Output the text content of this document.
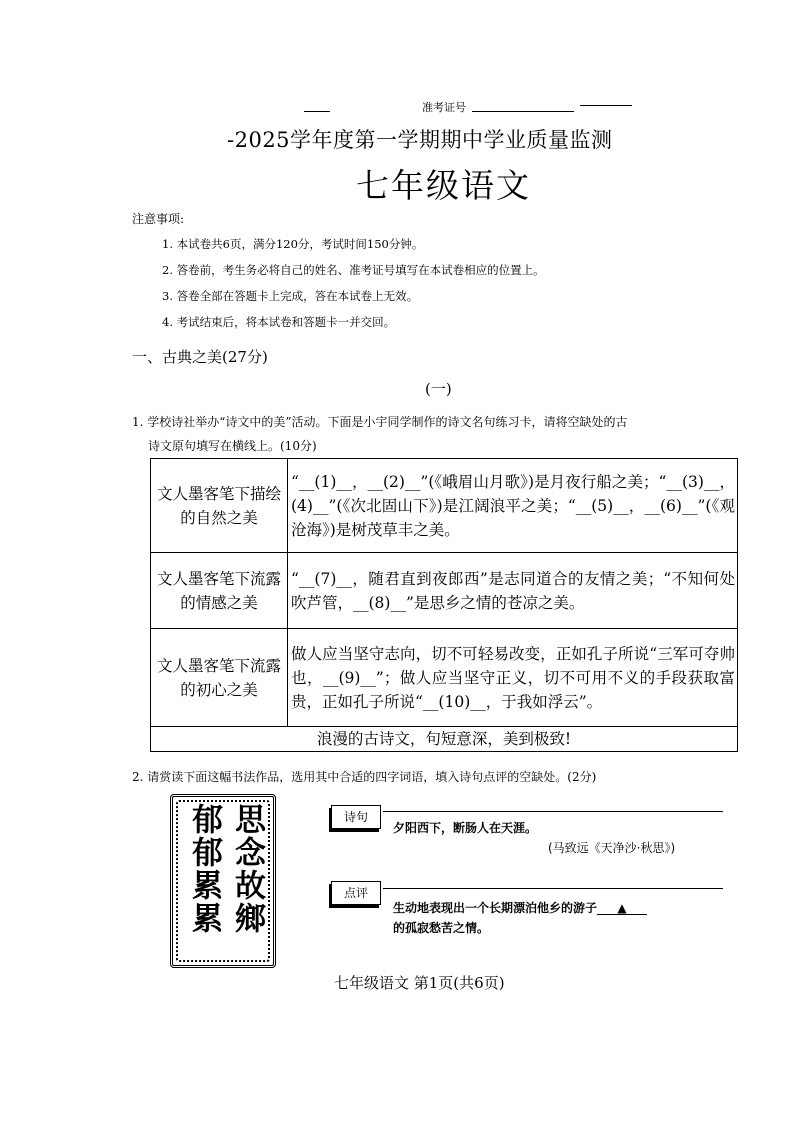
准考证号
-2025学年度第一学期期中学业质量监测
七年级语文
注意事项:
1. 本试卷共6页，满分120分，考试时间150分钟。
2. 答卷前，考生务必将自己的姓名、准考证号填写在本试卷相应的位置上。
3. 答卷全部在答题卡上完成，答在本试卷上无效。
4. 考试结束后，将本试卷和答题卡一并交回。
一、古典之美(27分)
(一)
1. 学校诗社举办“诗文中的美”活动。下面是小宇同学制作的诗文名句练习卡，请将空缺处的古
诗文原句填写在横线上。(10分)
文人墨客笔下描绘的自然之美	“__(1)__，__(2)__”(《峨眉山月歌》)是月夜行船之美；“__(3)__，(4)__”(《次北固山下》)是江阔浪平之美；“__(5)__，__(6)__”(《观沧海》)是树茂草丰之美。
文人墨客笔下流露的情感之美	“__(7)__，随君直到夜郎西”是志同道合的友情之美；“不知何处吹芦管，__(8)__”是思乡之情的苍凉之美。
文人墨客笔下流露的初心之美	做人应当坚守志向，切不可轻易改变，正如孔子所说“三军可夺帅也，__(9)__”；做人应当坚守正义，切不可用不义的手段获取富贵，正如孔子所说“__(10)__，于我如浮云”。
浪漫的古诗文，句短意深，美到极致!	
2. 请赏读下面这幅书法作品，选用其中合适的四字词语，填入诗句点评的空缺处。(2分)
思念故鄉
郁郁累累	诗句
夕阳西下，断肠人在天涯。
(马致远《天净沙·秋思》)
点评
生动地表现出一个长期漂泊他乡的游子 ▲
的孤寂愁苦之情。
七年级语文 第1页(共6页)
